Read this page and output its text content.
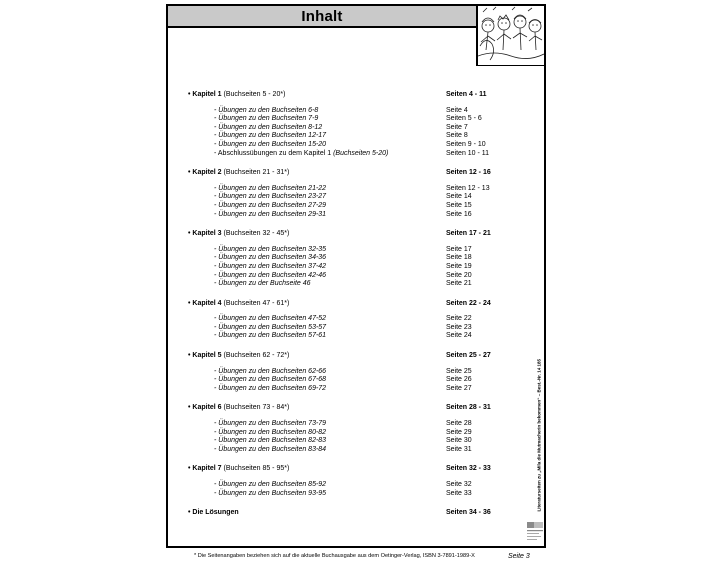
Inhalt
• Kapitel 1 (Buchseiten 5 - 20*)	Seiten 4 - 11
- Übungen zu den Buchseiten 6-8	Seite 4
- Übungen zu den Buchseiten 7-9	Seiten 5 - 6
- Übungen zu den Buchseiten 8-12	Seite 7
- Übungen zu den Buchseiten 12-17	Seite 8
- Übungen zu den Buchseiten 15-20	Seiten 9 - 10
- Abschlussübungen zu dem Kapitel 1 (Buchseiten 5-20)	Seiten 10 - 11
• Kapitel 2 (Buchseiten 21 - 31*)	Seiten 12 - 16
- Übungen zu den Buchseiten 21-22	Seiten 12 - 13
- Übungen zu den Buchseiten 23-27	Seite 14
- Übungen zu den Buchseiten 27-29	Seite 15
- Übungen zu den Buchseiten 29-31	Seite 16
• Kapitel 3 (Buchseiten 32 - 45*)	Seiten 17 - 21
- Übungen zu den Buchseiten 32-35	Seite 17
- Übungen zu den Buchseiten 34-36	Seite 18
- Übungen zu den Buchseiten 37-42	Seite 19
- Übungen zu den Buchseiten 42-46	Seite 20
- Übungen zu der Buchseite 46	Seite 21
• Kapitel 4 (Buchseiten 47 - 61*)	Seiten 22 - 24
- Übungen zu den Buchseiten 47-52	Seite 22
- Übungen zu den Buchseiten 53-57	Seite 23
- Übungen zu den Buchseiten 57-61	Seite 24
• Kapitel 5 (Buchseiten 62 - 72*)	Seiten 25 - 27
- Übungen zu den Buchseiten 62-66	Seite 25
- Übungen zu den Buchseiten 67-68	Seite 26
- Übungen zu den Buchseiten 69-72	Seite 27
• Kapitel 6 (Buchseiten 73 - 84*)	Seiten 28 - 31
- Übungen zu den Buchseiten 73-79	Seite 28
- Übungen zu den Buchseiten 80-82	Seite 29
- Übungen zu den Buchseiten 82-83	Seite 30
- Übungen zu den Buchseiten 83-84	Seite 31
• Kapitel 7 (Buchseiten 85 - 95*)	Seiten 32 - 33
- Übungen zu den Buchseiten 85-92	Seite 32
- Übungen zu den Buchseiten 93-95	Seite 33
• Die Lösungen	Seiten 34 - 36
Literaturseiten zu „Mila die Mutmacherin bekommen“ – Best.-Nr. 14 185
* Die Seitenangaben beziehen sich auf die aktuelle Buchausgabe aus dem Oetinger-Verlag, ISBN 3-7891-1989-X	Seite 3
